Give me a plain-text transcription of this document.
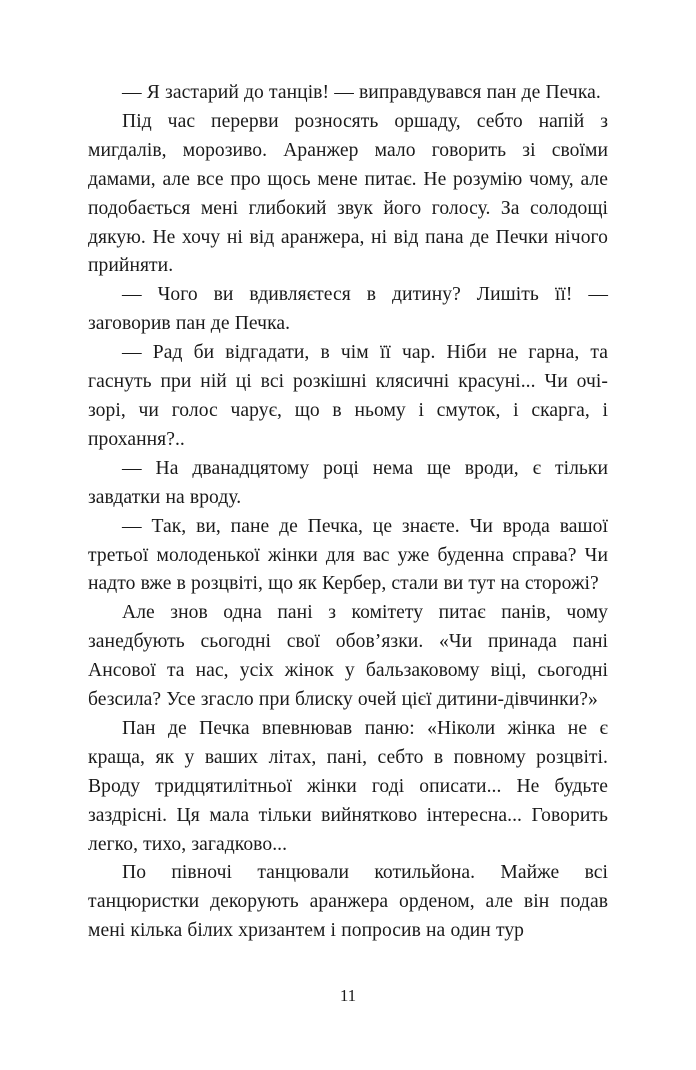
— Я застарий до танців! — виправдувався пан де Печка.

Під час перерви розносять оршаду, себто напій з мигдалів, морозиво. Аранжер мало говорить зі своїми дамами, але все про щось мене питає. Не розумію чому, але подобається мені глибокий звук його голосу. За солодощі дякую. Не хочу ні від аранжера, ні від пана де Печки нічого прийняти.

— Чого ви вдивляєтеся в дитину? Лишіть її! — заговорив пан де Печка.

— Рад би відгадати, в чім її чар. Ніби не гарна, та гаснуть при ній ці всі розкішні клясичні красуні... Чи очі-зорі, чи голос чарує, що в ньому і смуток, і скарга, і прохання?..

— На дванадцятому році нема ще вроди, є тільки завдатки на вроду.

— Так, ви, пане де Печка, це знаєте. Чи врода вашої третьої молоденької жінки для вас уже буденна справа? Чи надто вже в розцвіті, що як Кербер, стали ви тут на сторожі?

Але знов одна пані з комітету питає панів, чому занедбують сьогодні свої обов’язки. «Чи принада пані Ансової та нас, усіх жінок у бальзаковому віці, сьогодні безсила? Усе згасло при блиску очей цієї дитини-дівчинки?»

Пан де Печка впевнював паню: «Ніколи жінка не є краща, як у ваших літах, пані, себто в повному розцвіті. Вроду тридцятилітньої жінки годі описати... Не будьте заздрісні. Ця мала тільки вийнятково інтересна... Говорить легко, тихо, загадково...

По півночі танцювали котильйона. Майже всі танцюристки декорують аранжера орденом, але він подав мені кілька білих хризантем і попросив на один тур

11
